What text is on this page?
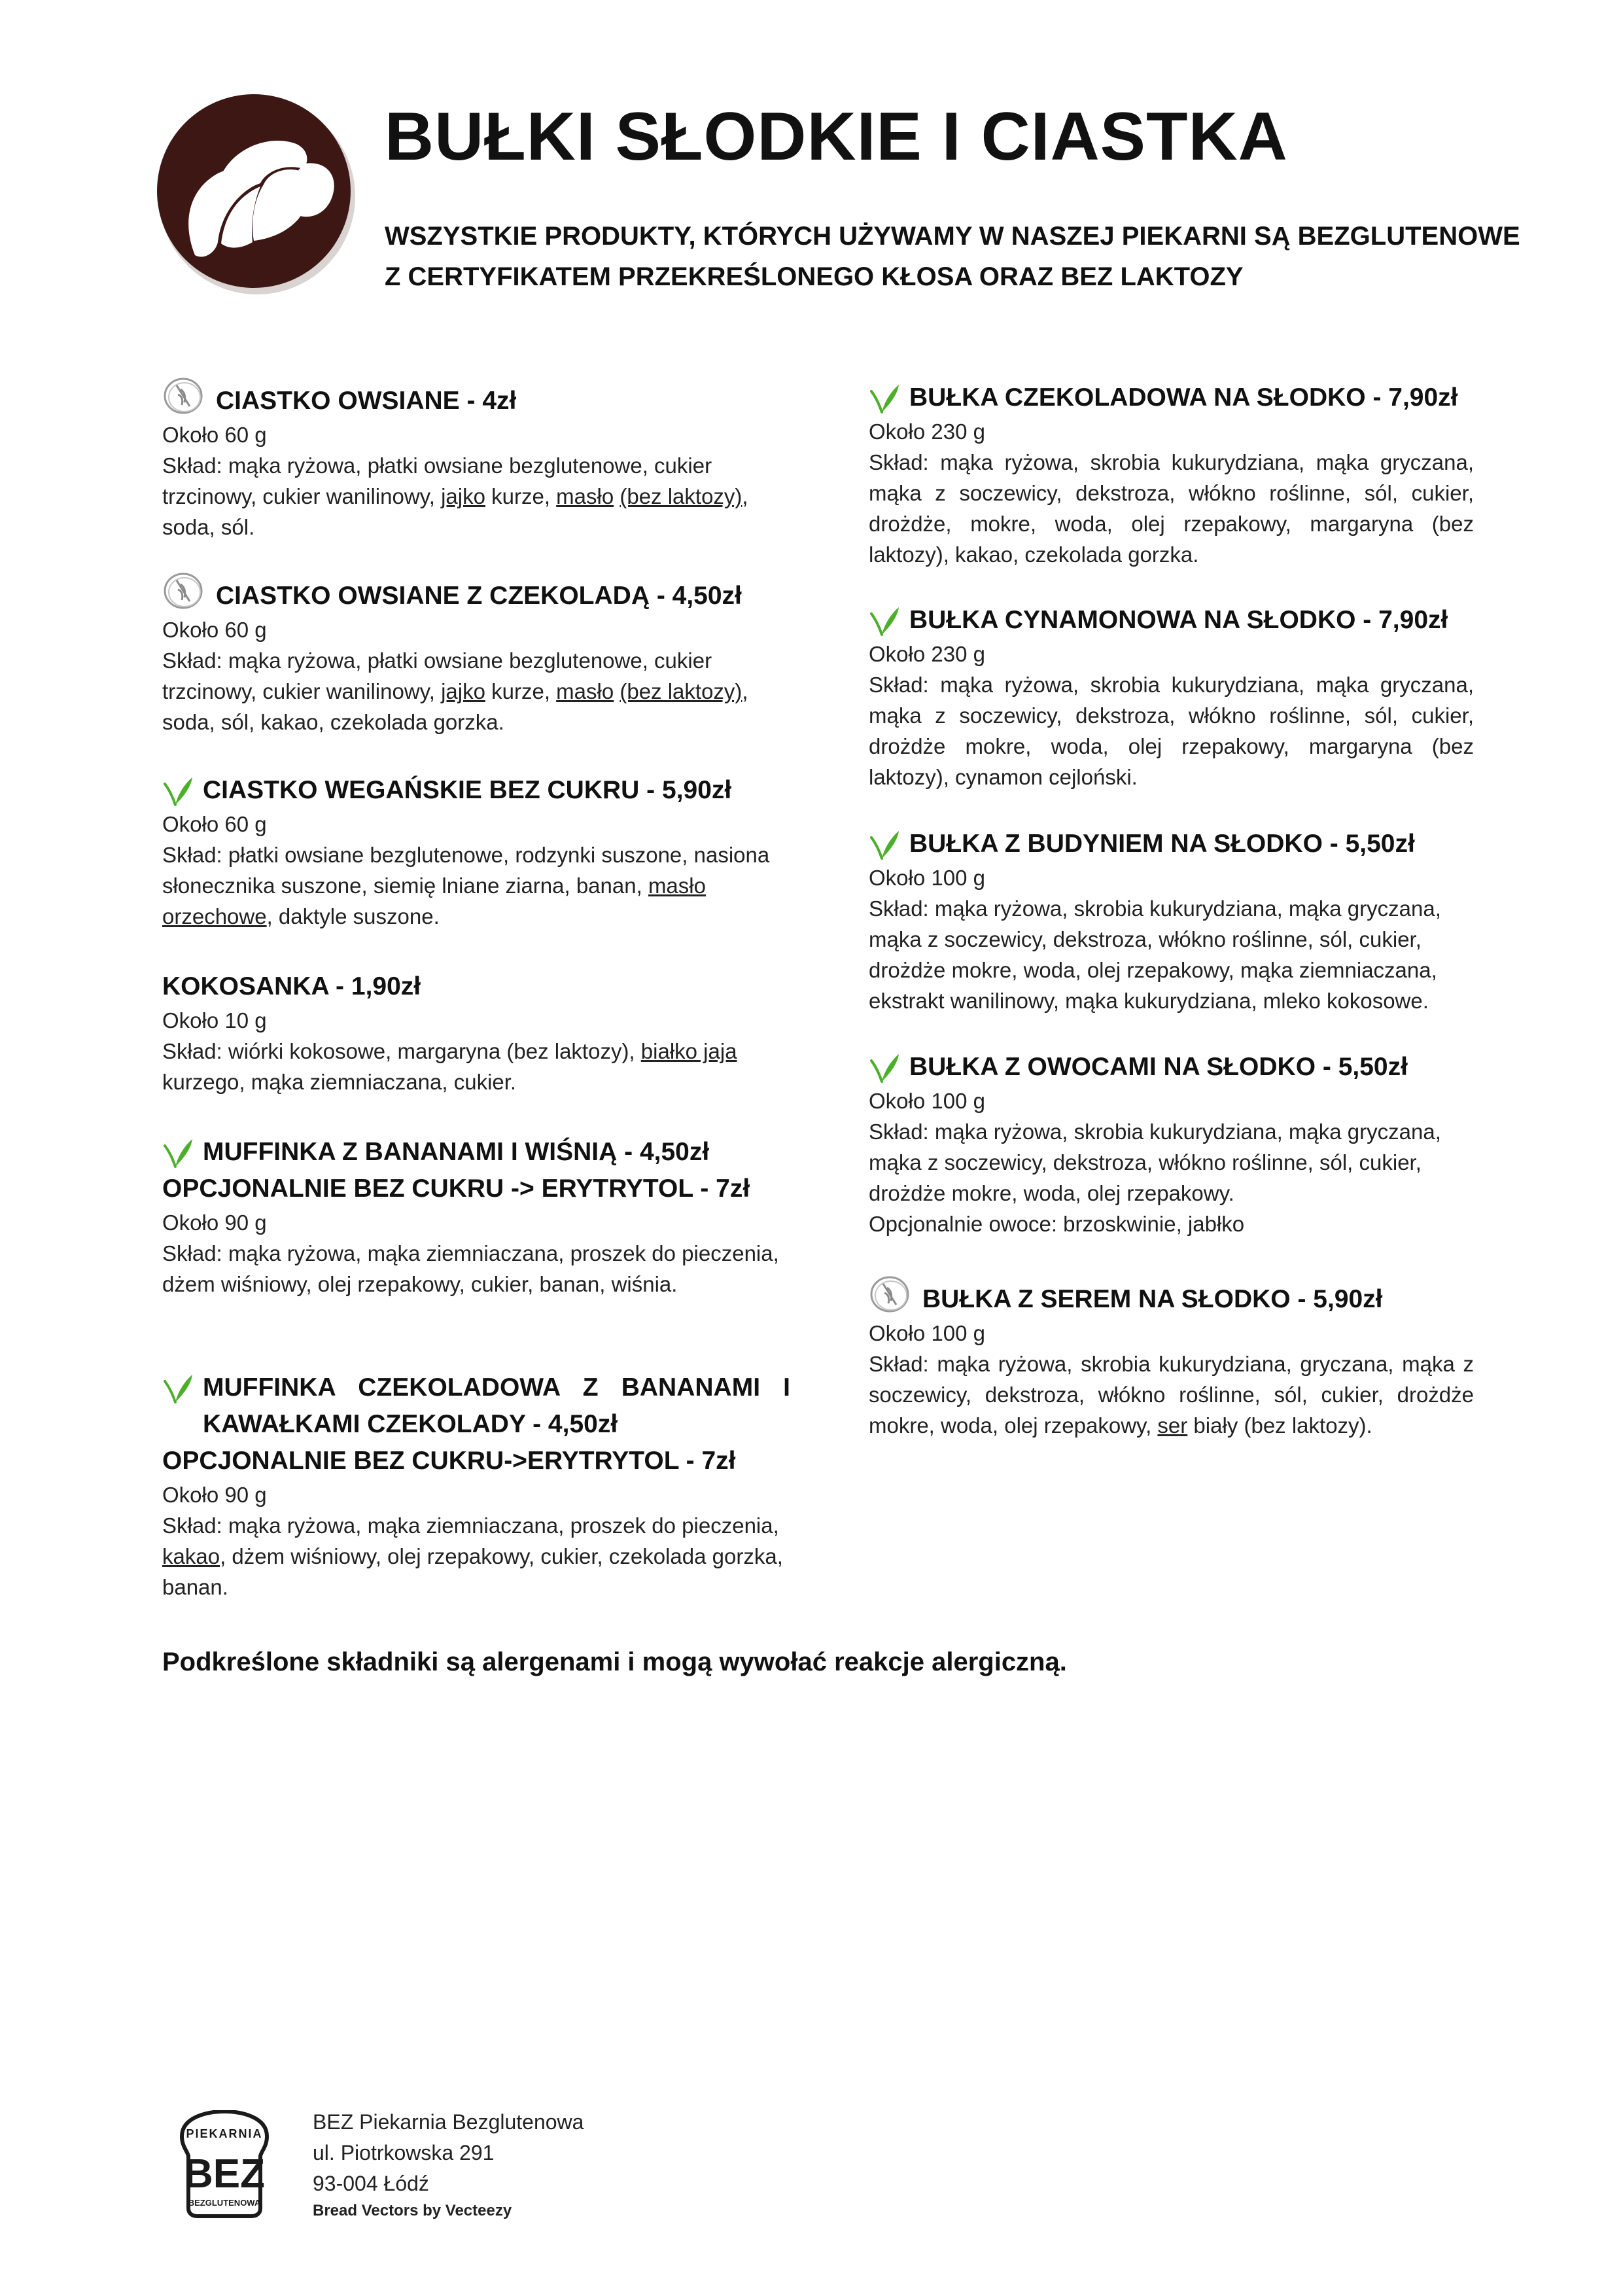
BUŁKI SŁODKIE I CIASTKA
WSZYSTKIE PRODUKTY, KTÓRYCH UŻYWAMY W NASZEJ PIEKARNI SĄ BEZGLUTENOWE
Z CERTYFIKATEM PRZEKREŚLONEGO KŁOSA ORAZ BEZ LAKTOZY
CIASTKO OWSIANE - 4zł
Około 60 g
Skład: mąka ryżowa, płatki owsiane bezglutenowe, cukier trzcinowy, cukier wanilinowy, jajko kurze, masło (bez laktozy), soda, sól.
CIASTKO OWSIANE Z CZEKOLADĄ - 4,50zł
Około 60 g
Skład: mąka ryżowa, płatki owsiane bezglutenowe, cukier trzcinowy, cukier wanilinowy, jajko kurze, masło (bez laktozy), soda, sól, kakao, czekolada gorzka.
CIASTKO WEGAŃSKIE BEZ CUKRU - 5,90zł
Około 60 g
Skład: płatki owsiane bezglutenowe, rodzynki suszone, nasiona słonecznika suszone, siemię lniane ziarna, banan, masło orzechowe, daktyle suszone.
KOKOSANKA - 1,90zł
Około 10 g
Skład: wiórki kokosowe, margaryna (bez laktozy), białko jaja kurzego, mąka ziemniaczana, cukier.
MUFFINKA Z BANANAMI I WIŚNIĄ - 4,50zł
OPCJONALNIE BEZ CUKRU -> ERYTRYTOL - 7zł
Około 90 g
Skład: mąka ryżowa, mąka ziemniaczana, proszek do pieczenia, dżem wiśniowy, olej rzepakowy, cukier, banan, wiśnia.
MUFFINKA CZEKOLADOWA Z BANANAMI I KAWAŁKAMI CZEKOLADY - 4,50zł
OPCJONALNIE BEZ CUKRU->ERYTRYTOL - 7zł
Około 90 g
Skład: mąka ryżowa, mąka ziemniaczana, proszek do pieczenia, kakao, dżem wiśniowy, olej rzepakowy, cukier, czekolada gorzka, banan.
BUŁKA CZEKOLADOWA NA SŁODKO - 7,90zł
Około 230 g
Skład: mąka ryżowa, skrobia kukurydziana, mąka gryczana, mąka z soczewicy, dekstroza, włókno roślinne, sól, cukier, drożdże, mokre, woda, olej rzepakowy, margaryna (bez laktozy), kakao, czekolada gorzka.
BUŁKA CYNAMONOWA NA SŁODKO - 7,90zł
Około 230 g
Skład: mąka ryżowa, skrobia kukurydziana, mąka gryczana, mąka z soczewicy, dekstroza, włókno roślinne, sól, cukier, drożdże mokre, woda, olej rzepakowy, margaryna (bez laktozy), cynamon cejloński.
BUŁKA Z BUDYNIEM NA SŁODKO - 5,50zł
Około 100 g
Skład: mąka ryżowa, skrobia kukurydziana, mąka gryczana, mąka z soczewicy, dekstroza, włókno roślinne, sól, cukier, drożdże mokre, woda, olej rzepakowy, mąka ziemniaczana, ekstrakt wanilinowy, mąka kukurydziana, mleko kokosowe.
BUŁKA Z OWOCAMI NA SŁODKO - 5,50zł
Około 100 g
Skład: mąka ryżowa, skrobia kukurydziana, mąka gryczana, mąka z soczewicy, dekstroza, włókno roślinne, sól, cukier, drożdże mokre, woda, olej rzepakowy.
Opcjonalnie owoce: brzoskwinie, jabłko
BUŁKA Z SEREM NA SŁODKO - 5,90zł
Około 100 g
Skład: mąka ryżowa, skrobia kukurydziana, gryczana, mąka z soczewicy, dekstroza, włókno roślinne, sól, cukier, drożdże mokre, woda, olej rzepakowy, ser biały (bez laktozy).

Podkreślone składniki są alergenami i mogą wywołać reakcje alergiczną.

PIEKARNIA
BEZ
BEZGLUTENOWA
BEZ Piekarnia Bezglutenowa
ul. Piotrkowska 291
93-004 Łódź
Bread Vectors by Vecteezy
